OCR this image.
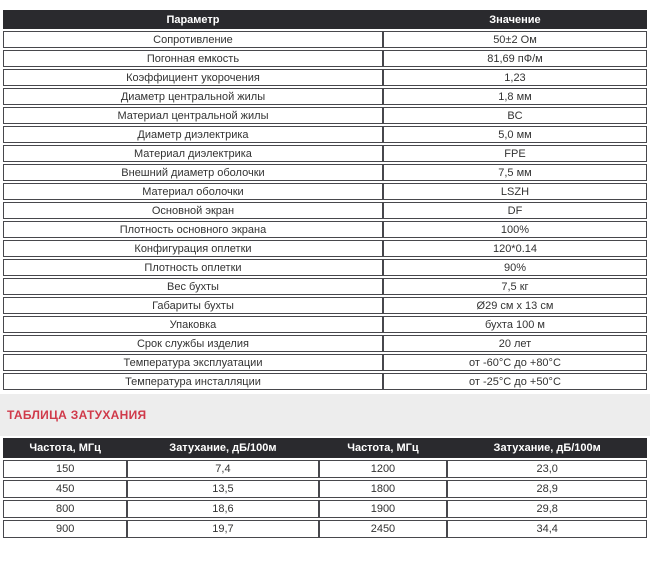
Параметр	Значение
Сопротивление	50±2 Ом
Погонная емкость	81,69 пФ/м
Коэффициент укорочения	1,23
Диаметр центральной жилы	1,8 мм
Материал центральной жилы	BC
Диаметр диэлектрика	5,0 мм
Материал диэлектрика	FPE
Внешний диаметр оболочки	7,5 мм
Материал оболочки	LSZH
Основной экран	DF
Плотность основного экрана	100%
Конфигурация оплетки	120*0.14
Плотность оплетки	90%
Вес бухты	7,5 кг
Габариты бухты	Ø29 см x 13 см
Упаковка	бухта 100 м
Срок службы изделия	20 лет
Температура эксплуатации	от -60°C до +80°C
Температура инсталляции	от -25°C до +50°C
ТАБЛИЦА ЗАТУХАНИЯ
Частота, МГц	Затухание, дБ/100м	Частота, МГц	Затухание, дБ/100м
150	7,4	1200	23,0
450	13,5	1800	28,9
800	18,6	1900	29,8
900	19,7	2450	34,4
